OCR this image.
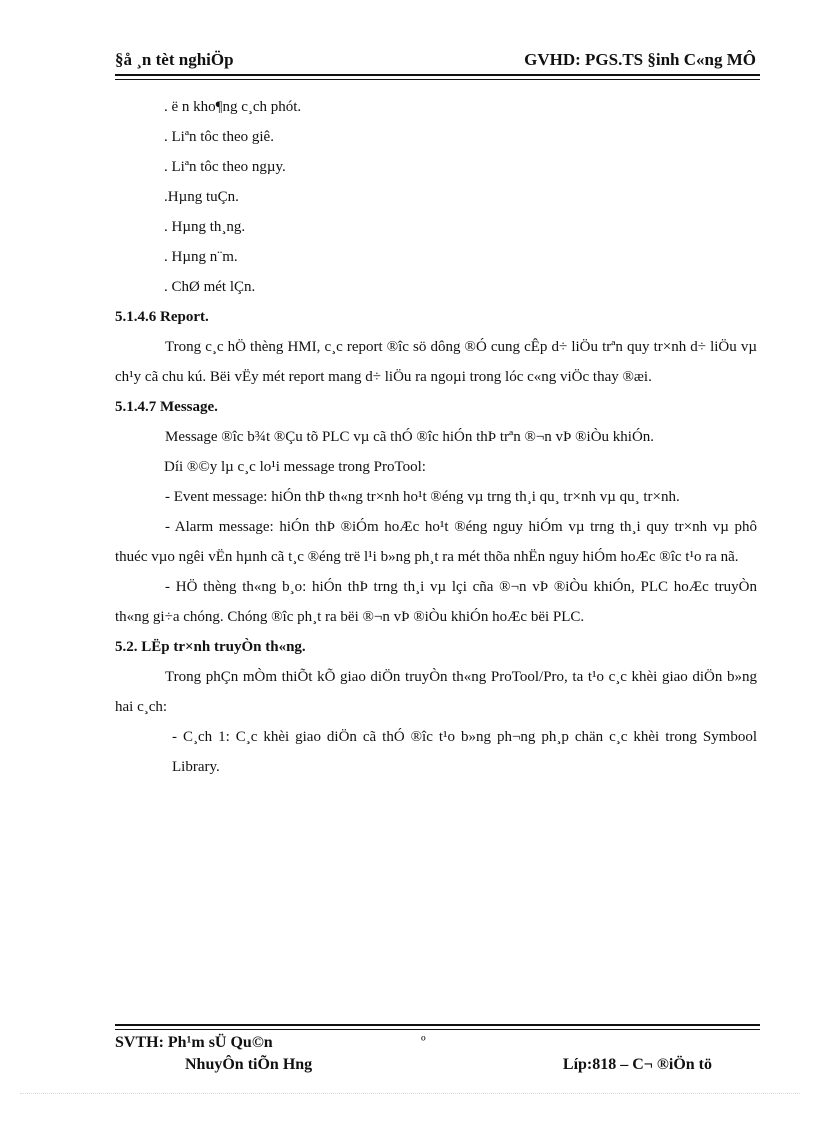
§å ¸n tèt nghiÖp	GVHD: PGS.TS §inh C«ng MÔ
. ë n kho¶ng c¸ch phót.
. Liªn tôc theo giê.
. Liªn tôc theo ngµy.
.Hµng tuÇn.
. Hµng th¸ng.
. Hµng n¨m.
. ChØ mét lÇn.
5.1.4.6 Report.
Trong c¸c hÖ thèng HMI, c¸c report ®îc sö dông ®Ó cung cÊp d÷ liÖu trªn quy tr×nh d÷ liÖu vµ ch¹y cã chu kú. Bëi vËy mét report mang d÷ liÖu ra ngoµi trong lóc c«ng viÖc thay ®æi.
5.1.4.7 Message.
Message ®îc b¾t ®Çu tõ PLC vµ cã thÓ ®îc hiÓn thÞ trªn ®¬n vÞ ®iÒu khiÓn.
Díi ®©y lµ c¸c lo¹i message trong ProTool:
- Event message: hiÓn thÞ th«ng tr×nh ho¹t ®éng vµ trng th¸i qu¸ tr×nh vµ qu¸ tr×nh.
- Alarm message: hiÓn thÞ ®iÓm hoÆc ho¹t ®éng nguy hiÓm vµ trng th¸i quy tr×nh vµ phô thuéc vµo ngêi vËn hµnh cã t¸c ®éng trë l¹i b»ng ph¸t ra mét thõa nhËn nguy hiÓm hoÆc ®îc t¹o ra nã.
- HÖ thèng th«ng b¸o: hiÓn thÞ trng th¸i vµ lçi cña ®¬n vÞ ®iÒu khiÓn, PLC hoÆc truyÒn th«ng gi÷a chóng. Chóng ®îc ph¸t ra bëi ®¬n vÞ ®iÒu khiÓn hoÆc bëi PLC.
5.2. LËp tr×nh truyÒn th«ng.
Trong phÇn mÒm thiÕt kÕ giao diÖn truyÒn th«ng ProTool/Pro, ta t¹o c¸c khèi giao diÖn b»ng hai c¸ch:
- C¸ch 1: C¸c khèi giao diÖn cã thÓ ®îc t¹o b»ng ph¬ng ph¸p chän c¸c khèi trong Symbool Library.
SVTH: Ph¹m sÜ Qu©n
NhuyÔn tiÕn Hng
º
Líp:818 – C¬ ®iÖn tö
